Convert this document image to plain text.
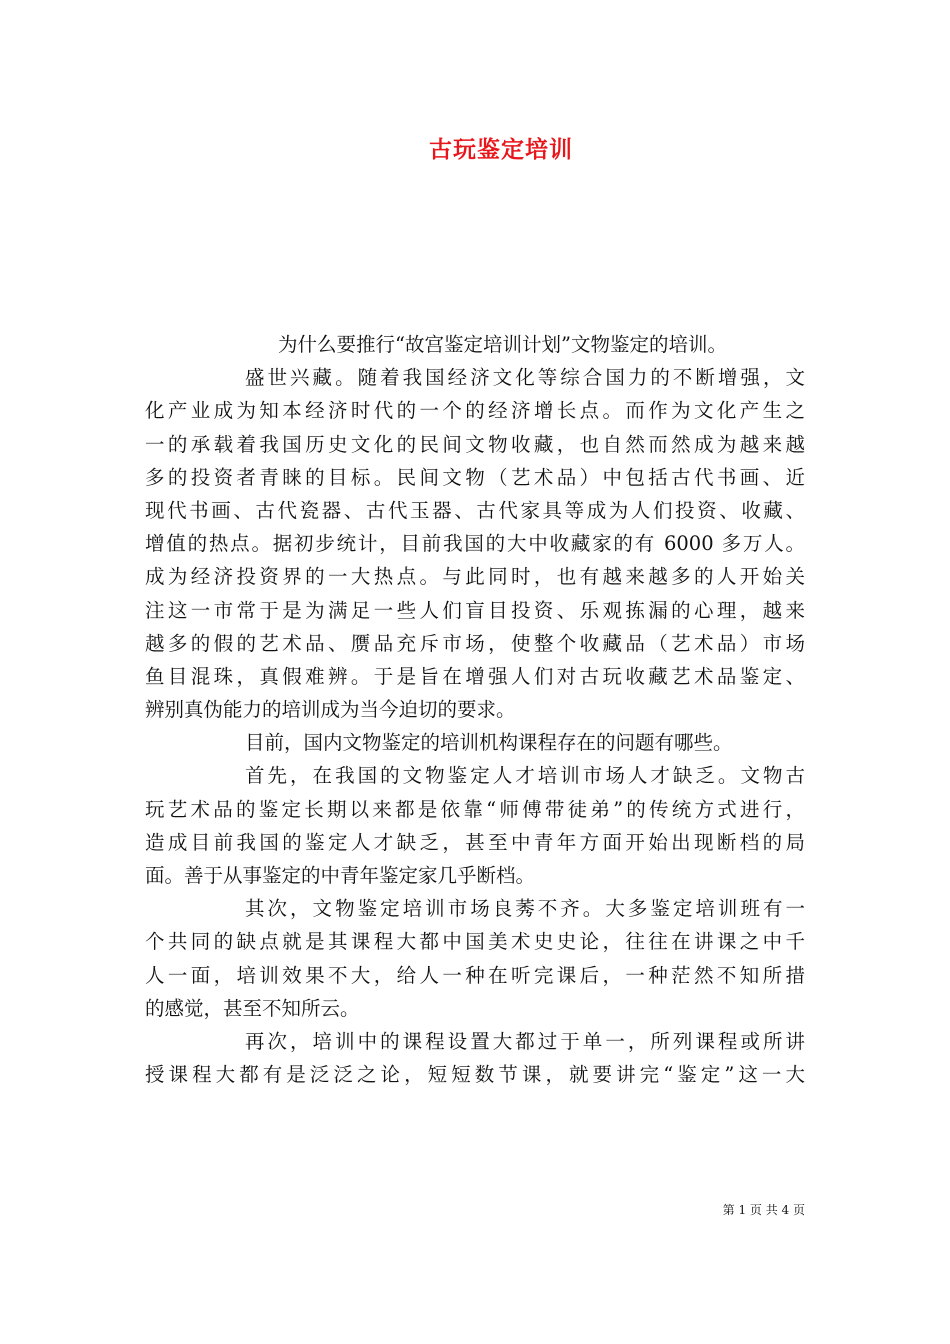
古玩鉴定培训
为什么要推行“故宫鉴定培训计划”文物鉴定的培训。
盛世兴藏。随着我国经济文化等综合国力的不断增强，文
化产业成为知本经济时代的一个的经济增长点。而作为文化产生之
一的承载着我国历史文化的民间文物收藏，也自然而然成为越来越
多的投资者青睐的目标。民间文物（艺术品）中包括古代书画、近
现代书画、古代瓷器、古代玉器、古代家具等成为人们投资、收藏、
增值的热点。据初步统计，目前我国的大中收藏家的有 6000 多万人。
成为经济投资界的一大热点。与此同时，也有越来越多的人开始关
注这一市常于是为满足一些人们盲目投资、乐观拣漏的心理，越来
越多的假的艺术品、赝品充斥市场，使整个收藏品（艺术品）市场
鱼目混珠，真假难辨。于是旨在增强人们对古玩收藏艺术品鉴定、
辨别真伪能力的培训成为当今迫切的要求。
目前，国内文物鉴定的培训机构课程存在的问题有哪些。
首先，在我国的文物鉴定人才培训市场人才缺乏。文物古
玩艺术品的鉴定长期以来都是依靠“师傅带徒弟”的传统方式进行，
造成目前我国的鉴定人才缺乏，甚至中青年方面开始出现断档的局
面。善于从事鉴定的中青年鉴定家几乎断档。
其次，文物鉴定培训市场良莠不齐。大多鉴定培训班有一
个共同的缺点就是其课程大都中国美术史史论，往往在讲课之中千
人一面，培训效果不大，给人一种在听完课后，一种茫然不知所措
的感觉，甚至不知所云。
再次，培训中的课程设置大都过于单一，所列课程或所讲
授课程大都有是泛泛之论，短短数节课，就要讲完“鉴定”这一大
第 1 页 共 4 页
